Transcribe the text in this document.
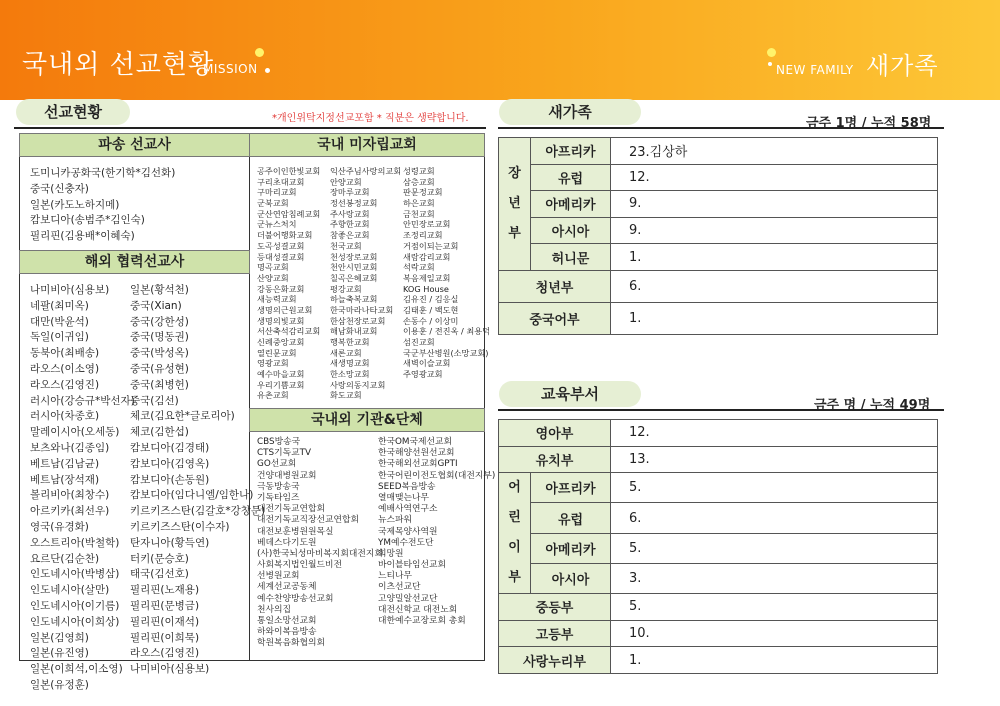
국내외 선교현황
MISSION	NEW FAMILY 새가족
선교현황	*개인위탁지정선교포함 * 직분은 생략합니다.
파송 선교사
도미니카공화국(한기학*김선화)
중국(신충자)
일본(카도노하지메)
캄보디아(송범주*김인숙)
필리핀(김용배*이혜숙)
해외 협력선교사
나미비아(심용보)
네팔(최미옥)
대만(박윤석)
독일(이귀임)
동북아(최배송)
라오스(이소영)
라오스(김영진)
러시아(강승규*박선자)
러시아(차종호)
말레이시아(오세동)
보츠와나(김종임)
베트남(김남균)
베트남(장석재)
볼리비아(최창수)
아르키카(최선우)
영국(유경화)
오스트리아(박철학)
요르단(김순찬)
인도네시아(박병삼)
인도네시아(살만)
인도네시아(이기름)
인도네시아(이희상)
일본(김영희)
일본(유진영)
일본(이희석,이소영)
일본(유정훈)
일본(황석천)
중국(Xian)
중국(강한성)
중국(명동권)
중국(박성옥)
중국(유성현)
중국(최병헌)
중국(김선)
체코(김요한*글로리아)
체코(김한섭)
캄보디아(김경태)
캄보디아(김영옥)
캄보디아(손동원)
캄보디아(임다니엘/임한나)
키르키즈스탄(김갈호*강창문)
키르키즈스탄(이수자)
탄자니아(황득연)
터키(문승호)
태국(김선호)
필리핀(노재용)
필리핀(문병금)
필리핀(이재석)
필리핀(이희묵)
라오스(김영진)
나미비아(심용보)
국내 미자립교회
공주이인한빛교회
구리초대교회
구마리교회
군북교회
군산연암침례교회
군뉴스처치
더불어행화교회
도곡성결교회
등대성결교회
명곡교회
산양교회
강동은화교회
새능력교회
생명의근원교회
생명의빛교회
서산축석감리교회
신례중앙교회
열린문교회
영광교회
예수마을교회
우리기쁨교회
유촌교회
익산주님사랑의교회
안양교회
장마루교회
정선봉정교회
주사랑교회
주향한교회
참좋은교회
천국교회
천성장로교회
천안시민교회
칠곡은혜교회
평강교회
하늘축복교회
한국마라나타교회
한삼천장로교회
해남화내교회
행복한교회
새론교회
새생명교회
한소망교회
사랑의동지교회
화도교회
성령교회
삼층교회
판문정교회
하은교회
금천교회
안민장로교회
조정리교회
거점이되는교회
새람감리교회
석락교회
복음제일교회
KOG House
김유진 / 김응실
김태훈 / 백도현
손동수 / 이상미
이용훈 / 전진옥 / 최용덕
섬진교회
국군부산병원(소망교회)
새벽이슬교회
주영광교회
국내외 기관&단체
CBS방송국
CTS기독교TV
GO선교회
건양대병원교회
극동방송국
기독타임즈
대전기독교연합회
대전기독교직장선교연합회
대전보훈병원원목실
베데스다기도원
(사)한국뇌성마비복지회대전지회
사회복지법인월드비전
선병원교회
세계선교공동체
예수찬양방송선교회
천사의집
통일소망선교회
하와이복음방송
학원복음화협의회
한국OM국제선교회
한국해양선원선교회
한국해외선교회GPTI
한국어린이전도협회(대전지부)
SEED복음방송
열매맺는나무
예배사역연구소
뉴스파워
국제목양사역원
YM예수전도단
희망원
바이블타임선교회
느티나무
이츠선교단
고양밀알선교단
대전신학교 대전노회
대한예수교장로회 총회
새가족
금주 1명 / 누적 58명
장
년
부	아프리카	23.김상하
	유럽	12.
	아메리카	9.
	아시아	9.
	허니문	1.
청년부		6.
중국어부		1.
교육부서
금주 명 / 누적 49명
영아부		12.
유치부		13.

어
린
이
부	아프리카	5.
	유럽	6.
	아메리카	5.
	아시아	3.
중등부		5.
고등부		10.
사랑누리부		1.
